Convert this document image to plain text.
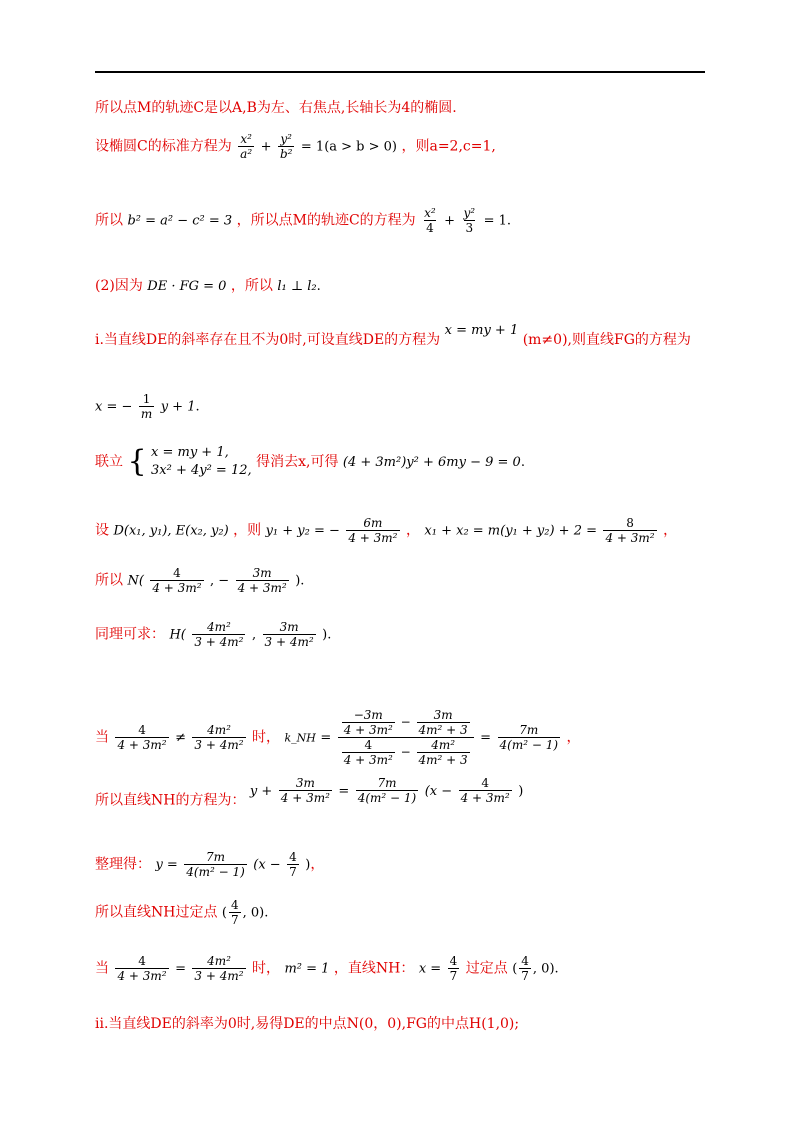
所以点M的轨迹C是以A,B为左、右焦点,长轴长为4的椭圆.
设椭圆C的标准方程为 $\frac{\text{x²}}{\text{a²}} + \frac{\text{y²}}{\text{b²}} = 1(a > b > 0)$ ，则a=2,c=1,
所以 b² = a² − c² = 3 ，所以点M的轨迹C的方程为 $\frac{\text{x²}}{4} + \frac{\text{y²}}{3} = 1$.
(2)因为 DE · FG = 0 ，所以 l₁ ⊥ l₂.
i.当直线DE的斜率存在且不为0时,可设直线DE的方程为 x = my + 1 (m≠0),则直线FG的方程为
x = − $\frac{1}{m}$ y + 1.
联立 { x = my + 1,
3x² + 4y² = 12,
得消去x,可得 (4 + 3m²)y² + 6my − 9 = 0.
设 D(x₁, y₁), E(x₂, y₂) ，则 y₁ + y₂ = − $\frac{6m}{\text{4 + 3m²}}$ ， $x_1 + x_2 = m(y_1 + y_2) + 2 = \frac{8}{\text{4 + 3m²}}$ ，
所以 $N( \frac{4}{\text{4 + 3m²}}$ , − $\frac{3m}{\text{4 + 3m²}}$ ).
同理可求： $H( \frac{\text{4m²}}{\text{3 + 4m²}}$ , $\frac{3m}{\text{3 + 4m²}}$ ).
当 $\frac{4}{\text{4 + 3m²}} \ne \frac{\text{4m²}}{\text{3 + 4m²}}$ 时， k_NH = $\frac{\frac{-3m}{\text{4 + 3m²}} - \frac{3m}{\text{4m² + 3}}}{\frac{4}{\text{4 + 3m²}} - \frac{\text{4m²}}{\text{4m² + 3}}} = \frac{7m}{\text{4(m² − 1)}}$ ，
所以直线NH的方程为： $y + \frac{3m}{\text{4 + 3m²}} = \frac{7m}{\text{4(m² − 1)}} (x - \frac{4}{\text{4 + 3m²}}$ )
整理得： $y = \frac{7m}{\text{4(m² − 1)}} (x - \frac{4}{7}$ )，
所以直线NH过定点 ( $\frac{4}{7}$ , 0).
当 $\frac{4}{\text{4 + 3m²}} = \frac{\text{4m²}}{\text{3 + 4m²}}$ 时， m² = 1 ，直线NH： $x = \frac{4}{7}$ 过定点 ( $\frac{4}{7}$ , 0).
ii.当直线DE的斜率为0时,易得DE的中点N(0，0),FG的中点H(1,0);
